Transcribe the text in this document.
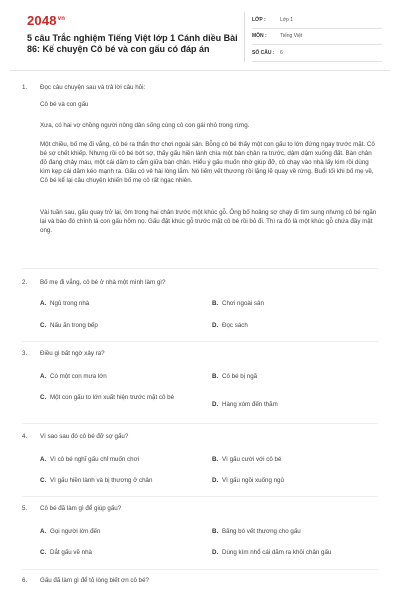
$2048^{vn}$
5 câu Trắc nghiệm Tiếng Việt lớp 1 Cánh diều Bài 86: Kế chuyện Cô bé và con gấu có đáp án
LỚP :	Lớp 1
MÔN :	Tiếng Việt
SỐ CÂU :	6
1. Đọc câu chuyện sau và trả lời câu hỏi:
Cô bé và con gấu
Xưa, có hai vợ chồng người nông dân sống cùng cô con gái nhỏ trong rừng.
Một chiều, bố mẹ đi vắng, cô bé ra thẩn thơ chơi ngoài sân. Bỗng cô bé thấy một con gấu to lớn đứng ngay trước mặt. Cô bé sợ chết khiếp. Nhưng rồi cô bé bớt sợ, thấy gấu hiền lành chìa một bàn chân ra trước, dậm dậm xuống đất. Bàn chân đỏ đang chảy máu, một cái dăm to cắm giữa bàn chân. Hiểu ý gấu muốn nhờ giúp đỡ, cô chạy vào nhà lấy kim rồi dùng kìm kẹp cái dăm kéo mạnh ra. Gấu có vẻ hài lòng lắm. Nó liếm vết thương rồi lặng lẽ quay về rừng. Buổi tối khi bố mẹ về, Cô bé kể lại câu chuyện khiến bố mẹ cô rất ngạc nhiên.
Vài tuần sau, gấu quay trở lại, ôm trong hai chân trước một khúc gỗ. Ông bố hoảng sợ chạy đi tìm sung nhưng cô bé ngăn lại và báo đó chính là con gấu hôm nọ. Gấu đặt khúc gỗ trước mặt cô bé rồi bỏ đi. Thì ra đó là một khúc gỗ chứa đầy mật ong.
2. Bố mẹ đi vắng, cô bé ở nhà một mình làm gì?
A. Ngủ trong nhà	B. Chơi ngoài sân
C. Nấu ăn trong bếp	D. Đọc sách
3. Điều gì bất ngờ xảy ra?
A. Có một con mưa lớn	B. Cô bé bị ngã
C. Một con gấu to lớn xuất hiện trước mặt cô bé
D. Hàng xóm đến thăm
4. Vì sao sau đó cô bé đỡ sợ gấu?
A. Vì cô bé nghĩ gấu chỉ muốn chơi	B. Vì gấu cười với cô bé
C. Vì gấu hiền lành và bị thương ở chân	D. Vì gấu ngồi xuống ngủ
5. Cô bé đã làm gì để giúp gấu?
A. Gọi người lớn đến	B. Băng bó vết thương cho gấu
C. Dắt gấu về nhà	D. Dùng kìm nhổ cái dăm ra khỏi chân gấu
6. Gấu đã làm gì để tỏ lòng biết ơn cô bé?
